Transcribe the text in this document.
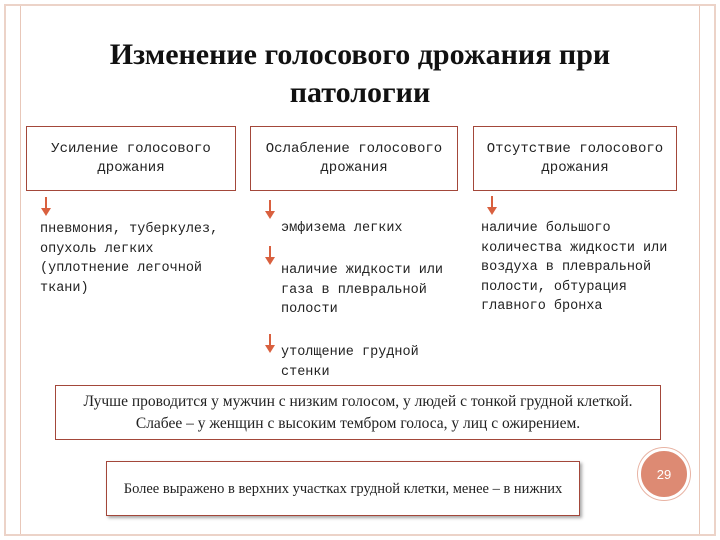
Изменение голосового дрожания при патологии
Усиление голосового дрожания
пневмония, туберкулез, опухоль легких (уплотнение легочной ткани)
Ослабление голосового дрожания
эмфизема легких
наличие жидкости или газа в плевральной полости
утолщение грудной стенки
Отсутствие голосового дрожания
наличие большого количества жидкости или воздуха в плевральной полости, обтурация главного бронха
Лучше проводится у мужчин с низким голосом, у людей с тонкой грудной клеткой. Слабее – у женщин с высоким тембром голоса, у лиц с ожирением.
Более выражено в верхних участках грудной клетки, менее – в нижних
29
